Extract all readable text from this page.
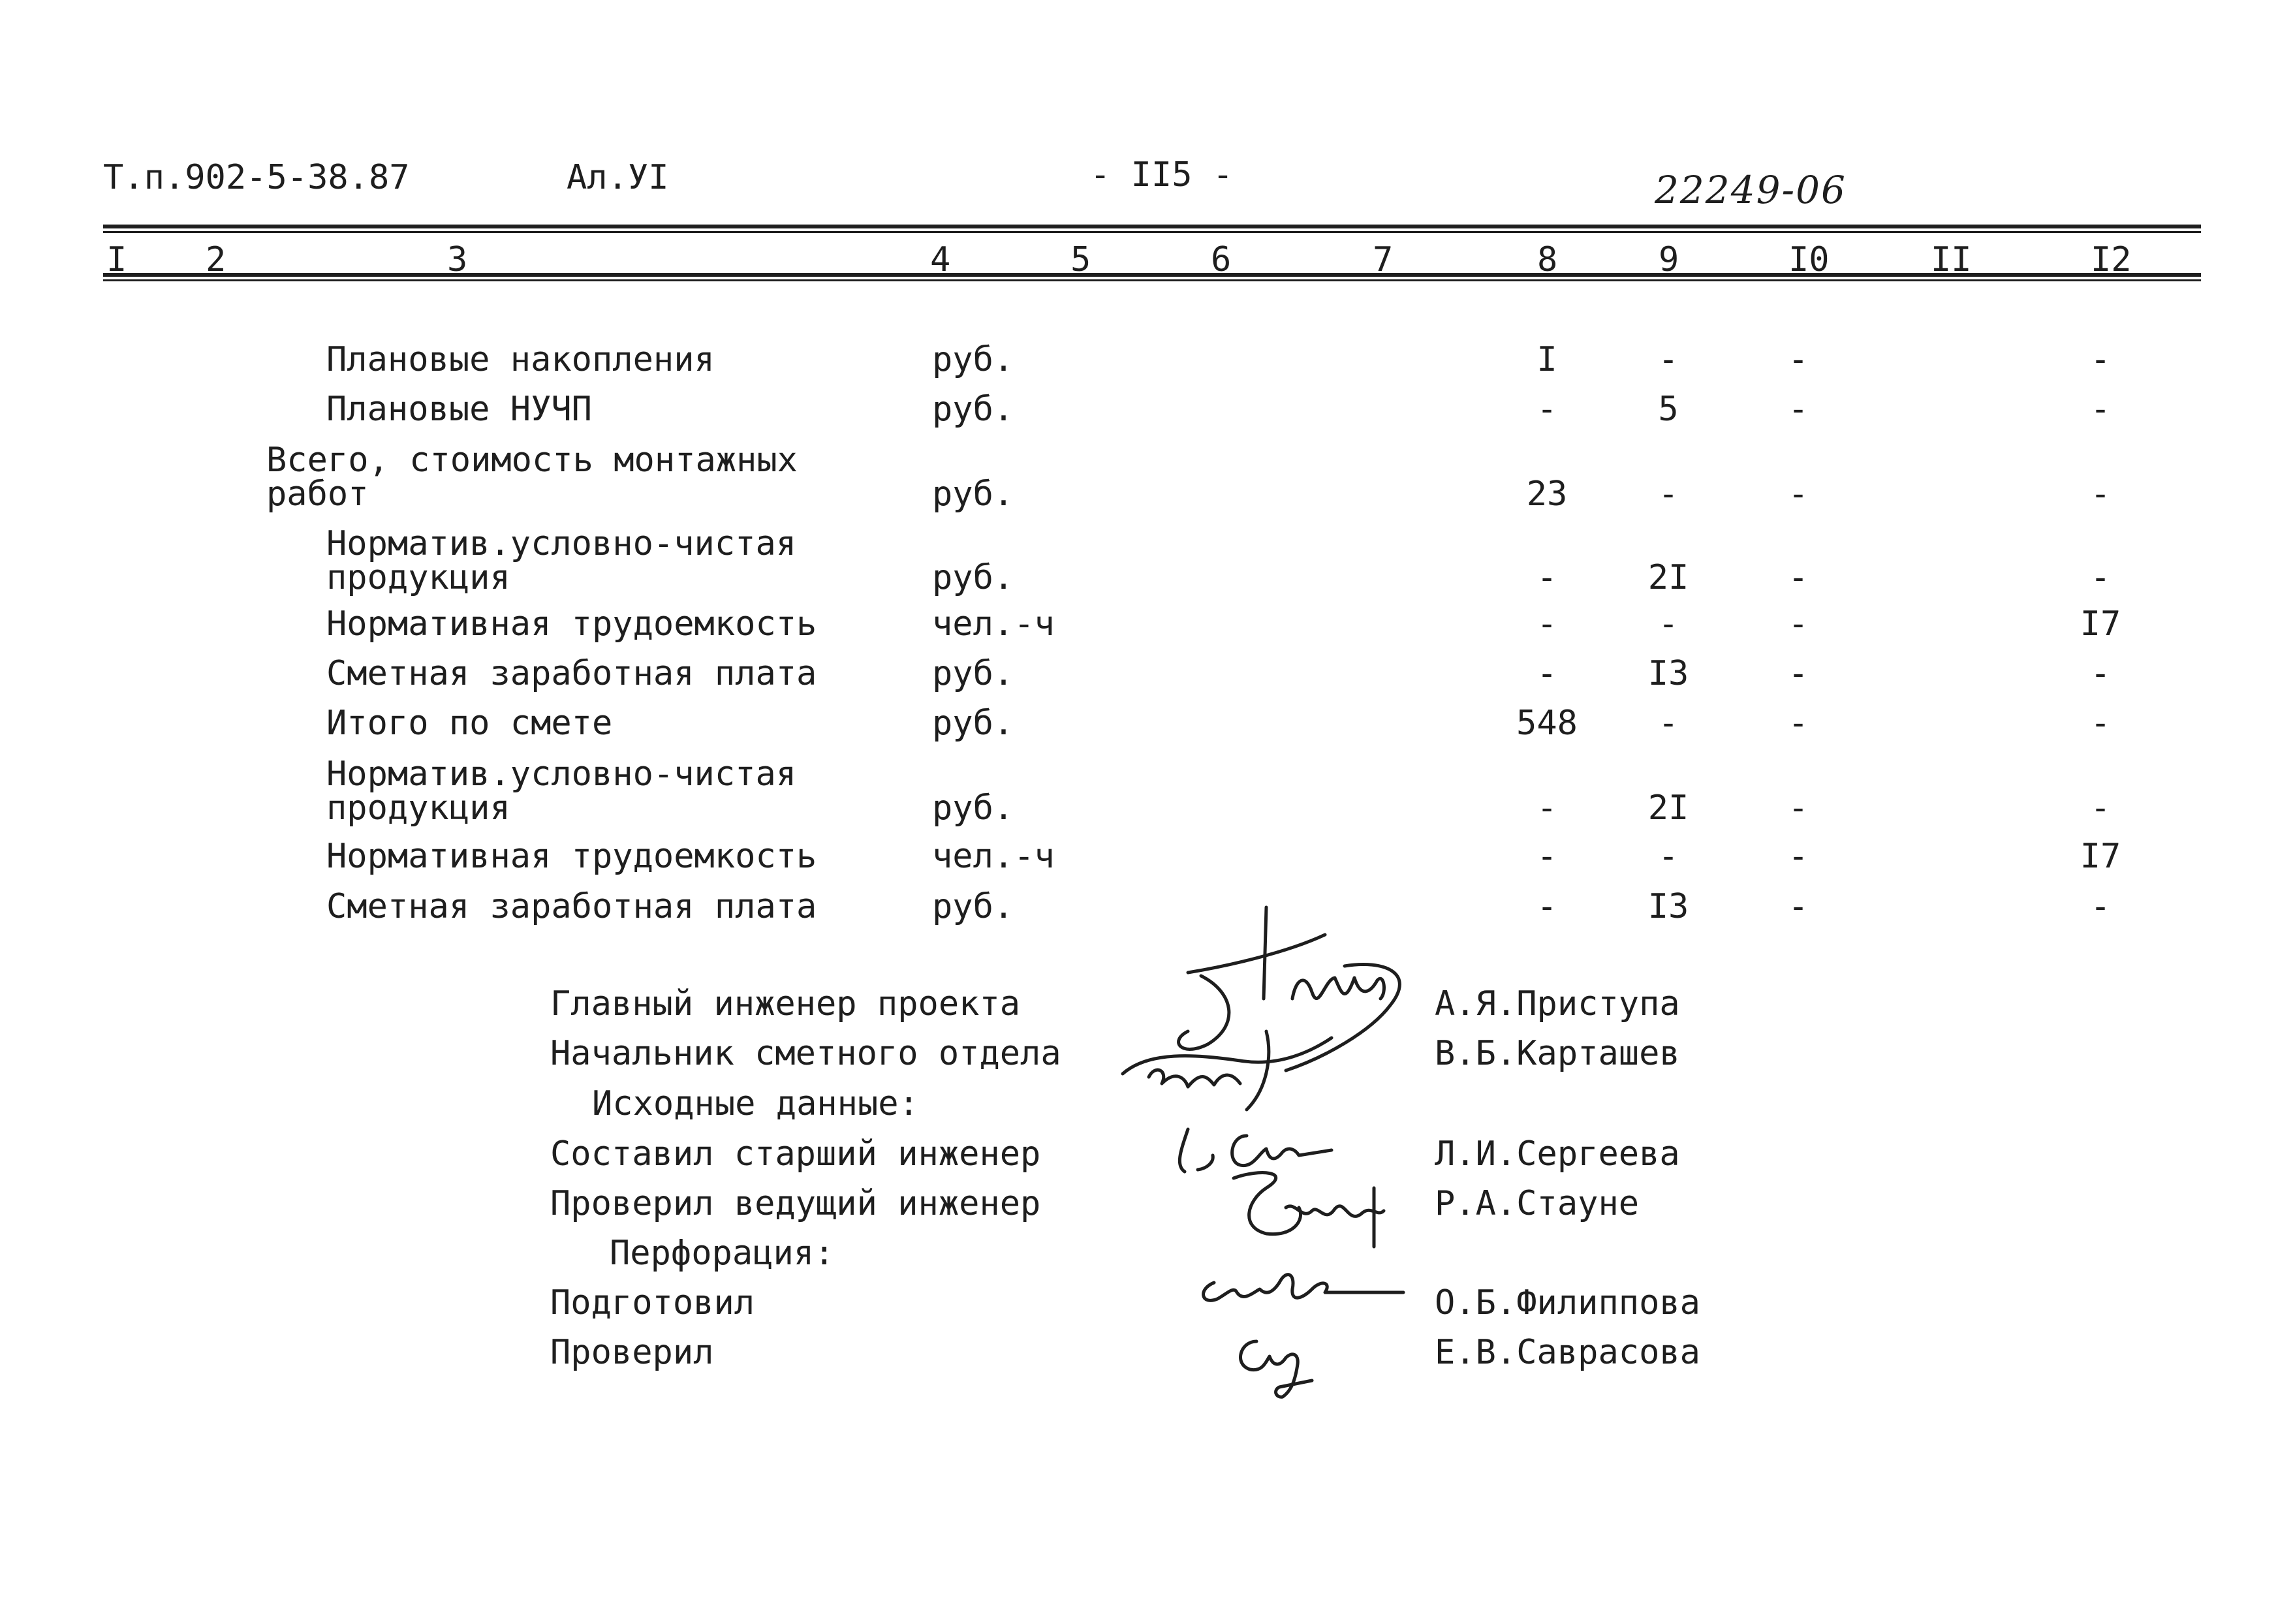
Т.п.902-5-38.87	Ал.УI	- II5 -	22249-06
I 2	3	4	5	6	7	8	9	I0	II	I2
Плановые накопления	руб.	I	-	-	-
Плановые НУЧП	руб.	-	5	-	-
Всего, стоимость монтажных
работ	руб.	23	-	-	-
Норматив.условно-чистая
продукция	руб.	-	2I	-	-
Нормативная трудоемкость	чел.-ч	-	-	-	I7
Сметная заработная плата	руб.	-	I3	-	-
Итого по смете	руб.	548	-	-	-
Норматив.условно-чистая
продукция	руб.	-	2I	-	-
Нормативная трудоемкость	чел.-ч	-	-	-	I7
Сметная заработная плата	руб.	-	I3	-	-
Главный инженер проекта	А.Я.Приступа
Начальник сметного отдела	В.Б.Карташев
Исходные данные:
Составил старший инженер	Л.И.Сергеева
Проверил ведущий инженер	Р.А.Стауне
Перфорация:
Подготовил	О.Б.Филиппова
Проверил	Е.В.Саврасова
